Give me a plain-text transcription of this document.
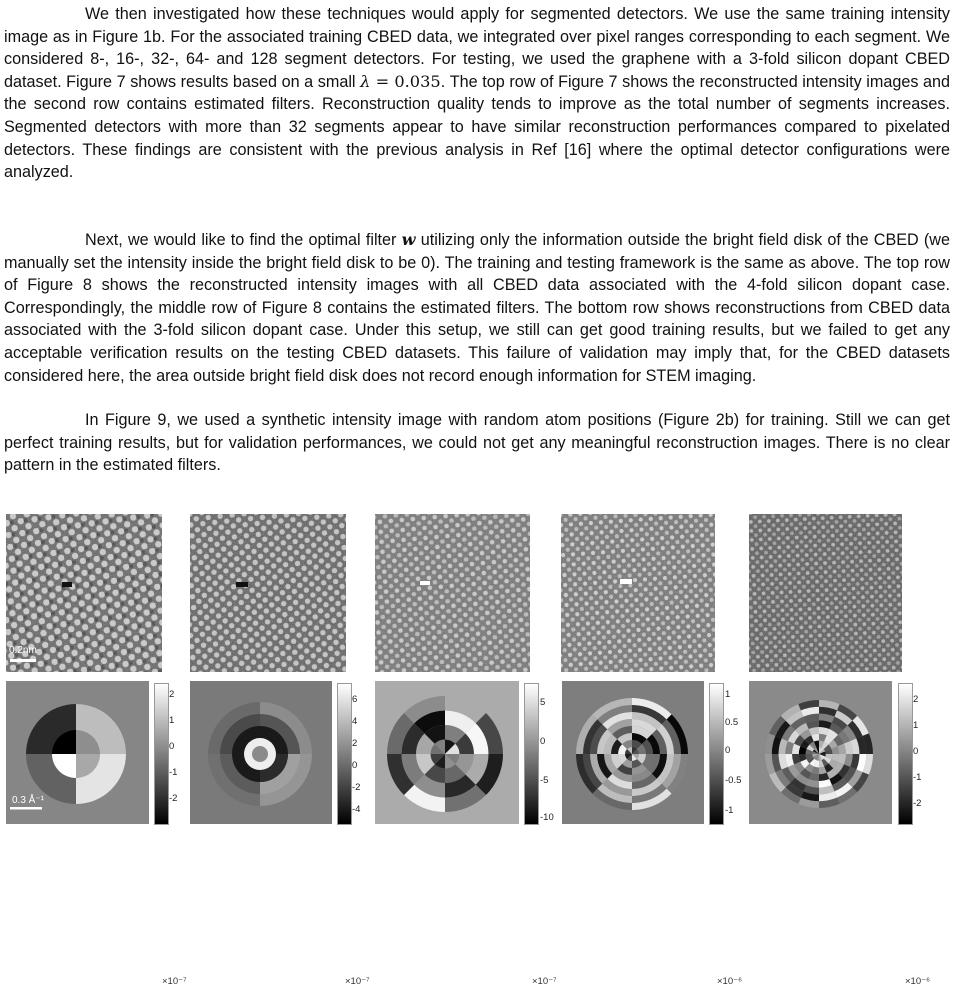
We then investigated how these techniques would apply for segmented detectors. We use the same training intensity image as in Figure 1b. For the associated training CBED data, we integrated over pixel ranges corresponding to each segment. We considered 8-, 16-, 32-, 64- and 128 segment detectors. For testing, we used the graphene with a 3-fold silicon dopant CBED dataset. Figure 7 shows results based on a small λ = 0.035. The top row of Figure 7 shows the reconstructed intensity images and the second row contains estimated filters. Reconstruction quality tends to improve as the total number of segments increases. Segmented detectors with more than 32 segments appear to have similar reconstruction performances compared to pixelated detectors. These findings are consistent with the previous analysis in Ref [16] where the optimal detector configurations were analyzed.

Next, we would like to find the optimal filter w utilizing only the information outside the bright field disk of the CBED (we manually set the intensity inside the bright field disk to be 0). The training and testing framework is the same as above. The top row of Figure 8 shows the reconstructed intensity images with all CBED data associated with the 4-fold silicon dopant case. Correspondingly, the middle row of Figure 8 contains the estimated filters. The bottom row shows reconstructions from CBED data associated with the 3-fold silicon dopant case. Under this setup, we still can get good training results, but we failed to get any acceptable verification results on the testing CBED datasets. This failure of validation may imply that, for the CBED datasets considered here, the area outside bright field disk does not record enough information for STEM imaging.

In Figure 9, we used a synthetic intensity image with random atom positions (Figure 2b) for training. Still we can get perfect training results, but for validation performances, we could not get any meaningful reconstruction images. There is no clear pattern in the estimated filters.

0.2nm
0.3 Å⁻¹
2
1
0
-1
-2
×10⁻⁷
6
4
2
0
-2
-4
×10⁻⁷
5
0
-5
-10
×10⁻⁷
1
0.5
0
-0.5
-1
×10⁻⁶
2
1
0
-1
-2
×10⁻⁶
